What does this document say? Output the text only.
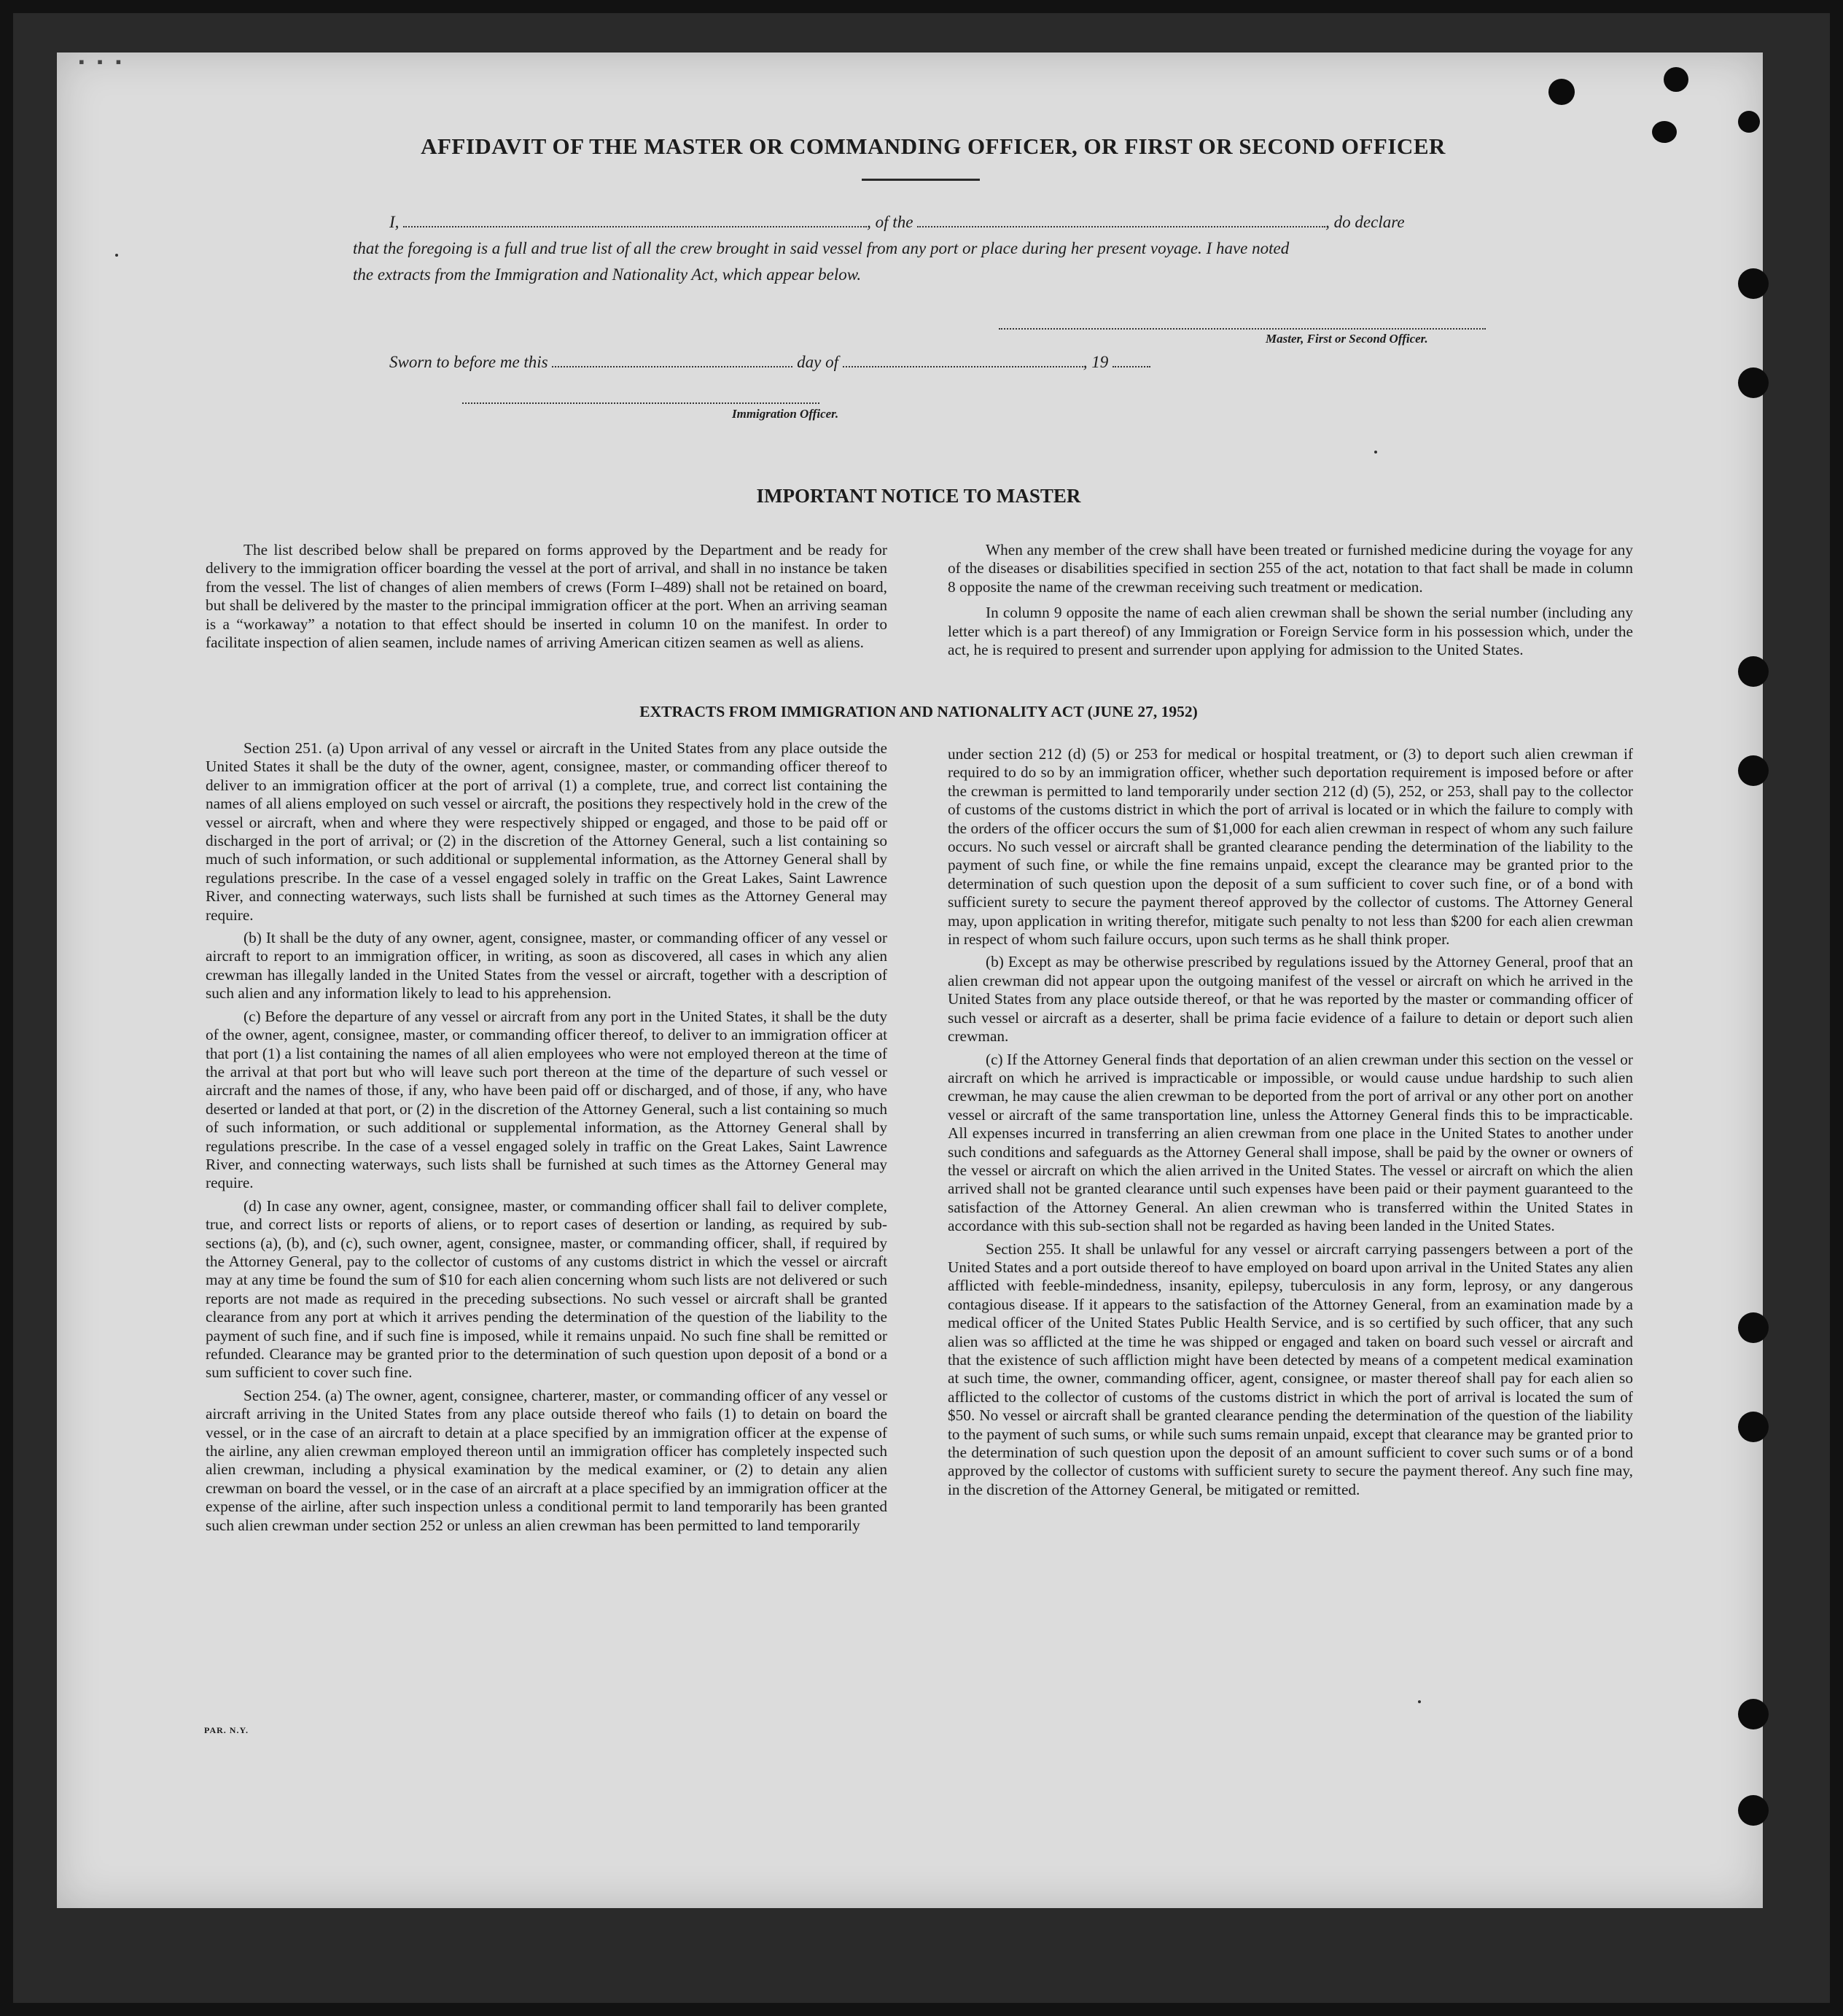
▪ ▪ ▪
AFFIDAVIT OF THE MASTER OR COMMANDING OFFICER, OR FIRST OR SECOND OFFICER
I,	, of the	, do declare
that the foregoing is a full and true list of all the crew brought in said vessel from any port or place during her present voyage. I have noted
the extracts from the Immigration and Nationality Act, which appear below.
Master, First or Second Officer.
Sworn to before me this	day of	, 19
Immigration Officer.
IMPORTANT NOTICE TO MASTER

The list described below shall be prepared on forms approved by the Department and be ready for delivery to the immigration officer boarding the vessel at the port of arrival, and shall in no instance be taken from the vessel. The list of changes of alien members of crews (Form I–489) shall not be retained on board, but shall be delivered by the master to the principal immigration officer at the port. When an arriving seaman is a “workaway” a notation to that effect should be inserted in column 10 on the manifest. In order to facilitate inspection of alien seamen, include names of arriving American citizen seamen as well as aliens.

When any member of the crew shall have been treated or furnished medicine during the voyage for any of the diseases or disabilities specified in section 255 of the act, notation to that fact shall be made in column 8 opposite the name of the crewman receiving such treatment or medication.

In column 9 opposite the name of each alien crewman shall be shown the serial number (including any letter which is a part thereof) of any Immigration or Foreign Service form in his possession which, under the act, he is required to present and surrender upon applying for admission to the United States.

EXTRACTS FROM IMMIGRATION AND NATIONALITY ACT (JUNE 27, 1952)

Section 251. (a) Upon arrival of any vessel or aircraft in the United States from any place outside the United States it shall be the duty of the owner, agent, consignee, master, or commanding officer thereof to deliver to an immigration officer at the port of arrival (1) a complete, true, and correct list containing the names of all aliens employed on such vessel or aircraft, the positions they respectively hold in the crew of the vessel or aircraft, when and where they were respectively shipped or engaged, and those to be paid off or discharged in the port of arrival; or (2) in the discretion of the Attorney General, such a list containing so much of such information, or such additional or supplemental information, as the Attorney General shall by regulations prescribe. In the case of a vessel engaged solely in traffic on the Great Lakes, Saint Lawrence River, and connecting waterways, such lists shall be furnished at such times as the Attorney General may require.

(b) It shall be the duty of any owner, agent, consignee, master, or commanding officer of any vessel or aircraft to report to an immigration officer, in writing, as soon as discovered, all cases in which any alien crewman has illegally landed in the United States from the vessel or aircraft, together with a description of such alien and any information likely to lead to his apprehension.

(c) Before the departure of any vessel or aircraft from any port in the United States, it shall be the duty of the owner, agent, consignee, master, or commanding officer thereof, to deliver to an immigration officer at that port (1) a list containing the names of all alien employees who were not employed thereon at the time of the arrival at that port but who will leave such port thereon at the time of the departure of such vessel or aircraft and the names of those, if any, who have been paid off or discharged, and of those, if any, who have deserted or landed at that port, or (2) in the discretion of the Attorney General, such a list containing so much of such information, or such additional or supplemental information, as the Attorney General shall by regulations prescribe. In the case of a vessel engaged solely in traffic on the Great Lakes, Saint Lawrence River, and connecting waterways, such lists shall be furnished at such times as the Attorney General may require.

(d) In case any owner, agent, consignee, master, or commanding officer shall fail to deliver complete, true, and correct lists or reports of aliens, or to report cases of desertion or landing, as required by sub-sections (a), (b), and (c), such owner, agent, consignee, master, or commanding officer, shall, if required by the Attorney General, pay to the collector of customs of any customs district in which the vessel or aircraft may at any time be found the sum of $10 for each alien concerning whom such lists are not delivered or such reports are not made as required in the preceding subsections. No such vessel or aircraft shall be granted clearance from any port at which it arrives pending the determination of the question of the liability to the payment of such fine, and if such fine is imposed, while it remains unpaid. No such fine shall be remitted or refunded. Clearance may be granted prior to the determination of such question upon deposit of a bond or a sum sufficient to cover such fine.

Section 254. (a) The owner, agent, consignee, charterer, master, or commanding officer of any vessel or aircraft arriving in the United States from any place outside thereof who fails (1) to detain on board the vessel, or in the case of an aircraft to detain at a place specified by an immigration officer at the expense of the airline, any alien crewman employed thereon until an immigration officer has completely inspected such alien crewman, including a physical examination by the medical examiner, or (2) to detain any alien crewman on board the vessel, or in the case of an aircraft at a place specified by an immigration officer at the expense of the airline, after such inspection unless a conditional permit to land temporarily has been granted such alien crewman under section 252 or unless an alien crewman has been permitted to land temporarily

under section 212 (d) (5) or 253 for medical or hospital treatment, or (3) to deport such alien crewman if required to do so by an immigration officer, whether such deportation requirement is imposed before or after the crewman is permitted to land temporarily under section 212 (d) (5), 252, or 253, shall pay to the collector of customs of the customs district in which the port of arrival is located or in which the failure to comply with the orders of the officer occurs the sum of $1,000 for each alien crewman in respect of whom any such failure occurs. No such vessel or aircraft shall be granted clearance pending the determination of the liability to the payment of such fine, or while the fine remains unpaid, except the clearance may be granted prior to the determination of such question upon the deposit of a sum sufficient to cover such fine, or of a bond with sufficient surety to secure the payment thereof approved by the collector of customs. The Attorney General may, upon application in writing therefor, mitigate such penalty to not less than $200 for each alien crewman in respect of whom such failure occurs, upon such terms as he shall think proper.

(b) Except as may be otherwise prescribed by regulations issued by the Attorney General, proof that an alien crewman did not appear upon the outgoing manifest of the vessel or aircraft on which he arrived in the United States from any place outside thereof, or that he was reported by the master or commanding officer of such vessel or aircraft as a deserter, shall be prima facie evidence of a failure to detain or deport such alien crewman.

(c) If the Attorney General finds that deportation of an alien crewman under this section on the vessel or aircraft on which he arrived is impracticable or impossible, or would cause undue hardship to such alien crewman, he may cause the alien crewman to be deported from the port of arrival or any other port on another vessel or aircraft of the same transportation line, unless the Attorney General finds this to be impracticable. All expenses incurred in transferring an alien crewman from one place in the United States to another under such conditions and safeguards as the Attorney General shall impose, shall be paid by the owner or owners of the vessel or aircraft on which the alien arrived in the United States. The vessel or aircraft on which the alien arrived shall not be granted clearance until such expenses have been paid or their payment guaranteed to the satisfaction of the Attorney General. An alien crewman who is transferred within the United States in accordance with this sub-section shall not be regarded as having been landed in the United States.

Section 255. It shall be unlawful for any vessel or aircraft carrying passengers between a port of the United States and a port outside thereof to have employed on board upon arrival in the United States any alien afflicted with feeble-mindedness, insanity, epilepsy, tuberculosis in any form, leprosy, or any dangerous contagious disease. If it appears to the satisfaction of the Attorney General, from an examination made by a medical officer of the United States Public Health Service, and is so certified by such officer, that any such alien was so afflicted at the time he was shipped or engaged and taken on board such vessel or aircraft and that the existence of such affliction might have been detected by means of a competent medical examination at such time, the owner, commanding officer, agent, consignee, or master thereof shall pay for each alien so afflicted to the collector of customs of the customs district in which the port of arrival is located the sum of $50. No vessel or aircraft shall be granted clearance pending the determination of the question of the liability to the payment of such sums, or while such sums remain unpaid, except that clearance may be granted prior to the determination of such question upon the deposit of an amount sufficient to cover such sums or of a bond approved by the collector of customs with sufficient surety to secure the payment thereof. Any such fine may, in the discretion of the Attorney General, be mitigated or remitted.

PAR. N.Y.
